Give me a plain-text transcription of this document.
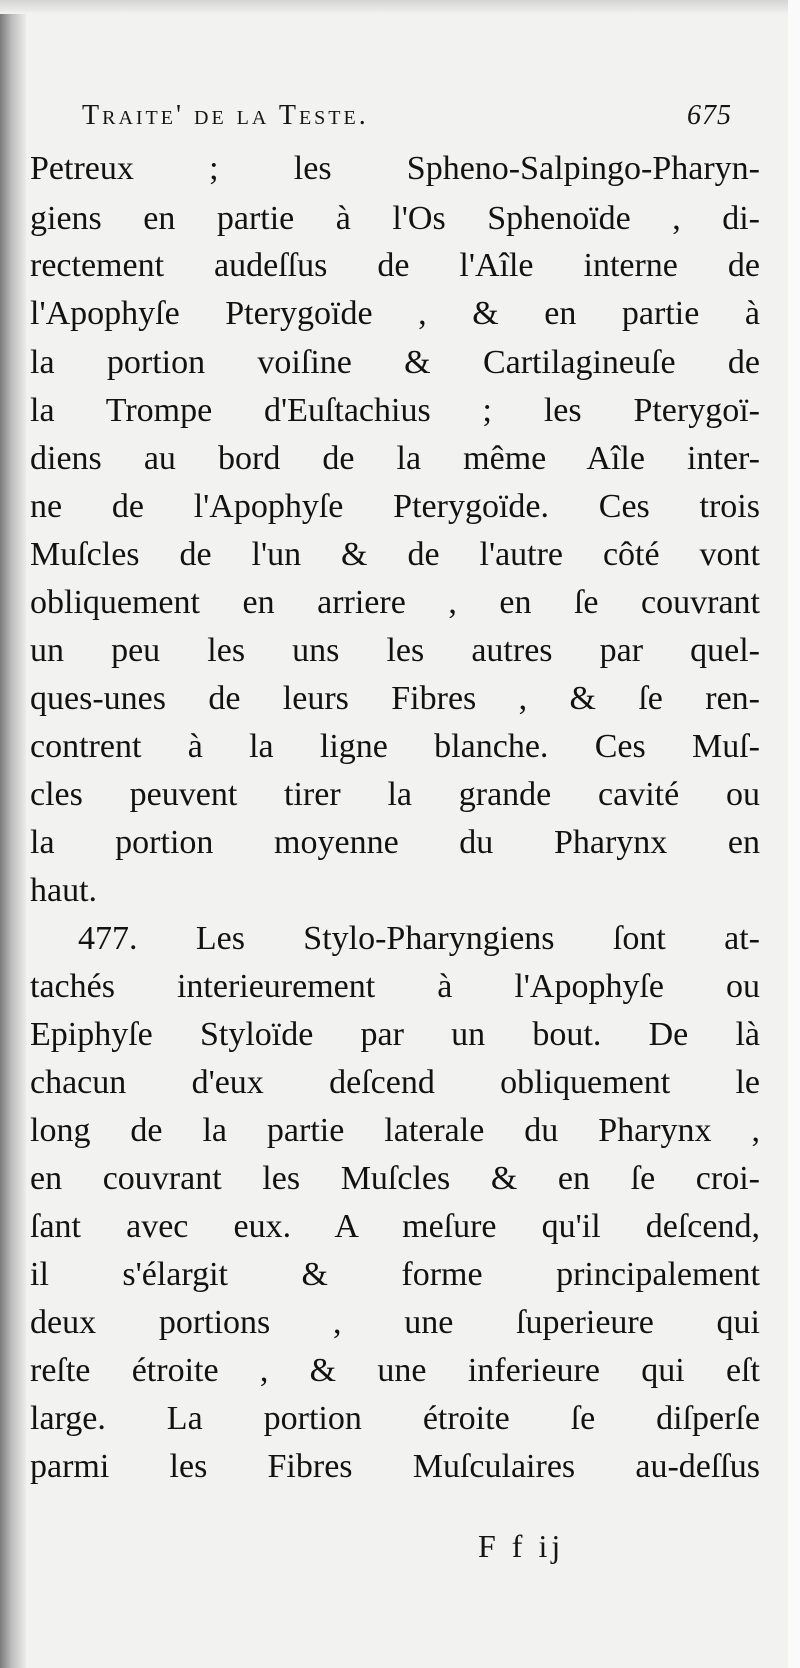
Traite' de la Teste.	675
Petreux ; les Spheno-Salpingo-Pharyn-
giens en partie à l'Os Sphenoïde , di-
rectement audeſſus de l'Aîle interne de
l'Apophyſe Pterygoïde , & en partie à
la portion voiſine & Cartilagineuſe de
la Trompe d'Euſtachius ; les Pterygoï-
diens au bord de la même Aîle inter-
ne de l'Apophyſe Pterygoïde. Ces trois
Muſcles de l'un & de l'autre côté vont
obliquement en arriere , en ſe couvrant
un peu les uns les autres par quel-
ques-unes de leurs Fibres , & ſe ren-
contrent à la ligne blanche. Ces Muſ-
cles peuvent tirer la grande cavité ou
la portion moyenne du Pharynx en
haut.
477. Les Stylo-Pharyngiens ſont at-
tachés interieurement à l'Apophyſe ou
Epiphyſe Styloïde par un bout. De là
chacun d'eux deſcend obliquement le
long de la partie laterale du Pharynx ,
en couvrant les Muſcles & en ſe croi-
ſant avec eux. A meſure qu'il deſcend,
il s'élargit & forme principalement
deux portions , une ſuperieure qui
reſte étroite , & une inferieure qui eſt
large. La portion étroite ſe diſperſe
parmi les Fibres Muſculaires au-deſſus
F f ij
